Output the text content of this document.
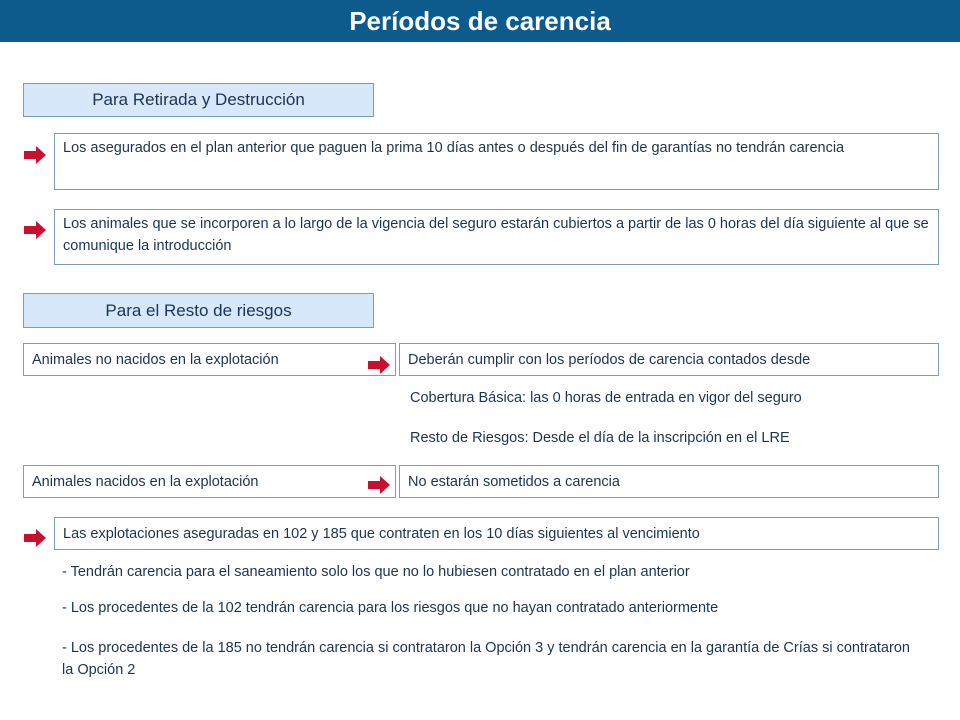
Períodos de carencia
Para Retirada y Destrucción
Los asegurados en el plan anterior que paguen la prima 10 días antes o después del fin de garantías no tendrán carencia
Los animales que se incorporen a lo largo de la vigencia del seguro estarán cubiertos a partir de las 0 horas del día siguiente al que se comunique la introducción
Para el Resto de riesgos
Animales no nacidos en la explotación	Deberán cumplir con los períodos de carencia contados desde
Cobertura Básica: las 0 horas de entrada en vigor del seguro
Resto de Riesgos: Desde el día de la inscripción en el LRE
Animales nacidos en la explotación	No estarán sometidos a carencia
Las explotaciones aseguradas en 102 y 185 que contraten en los 10 días siguientes al vencimiento
- Tendrán carencia para el saneamiento solo los que no lo hubiesen contratado en el plan anterior
- Los procedentes de la 102 tendrán carencia para los riesgos que no hayan contratado anteriormente
- Los procedentes de la 185 no tendrán carencia si contrataron la Opción 3 y tendrán carencia en la garantía de Crías si contrataron la Opción 2
